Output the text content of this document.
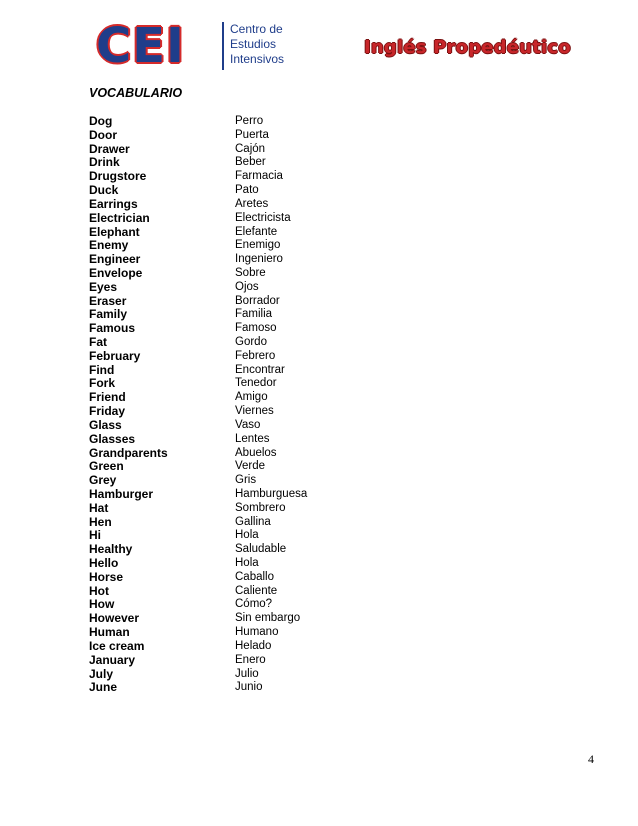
CEI	Centro de
Estudios
Intensivos
Inglés Propedéutico
VOCABULARIO
Dog	Perro
Door	Puerta
Drawer	Cajón
Drink	Beber
Drugstore	Farmacia
Duck	Pato
Earrings	Aretes
Electrician	Electricista
Elephant	Elefante
Enemy	Enemigo
Engineer	Ingeniero
Envelope	Sobre
Eyes	Ojos
Eraser	Borrador
Family	Familia
Famous	Famoso
Fat	Gordo
February	Febrero
Find	Encontrar
Fork	Tenedor
Friend	Amigo
Friday	Viernes
Glass	Vaso
Glasses	Lentes
Grandparents	Abuelos
Green	Verde
Grey	Gris
Hamburger	Hamburguesa
Hat	Sombrero
Hen	Gallina
Hi	Hola
Healthy	Saludable
Hello	Hola
Horse	Caballo
Hot	Caliente
How	Cómo?
However	Sin embargo
Human	Humano
Ice cream	Helado
January	Enero
July	Julio
June	Junio
4
